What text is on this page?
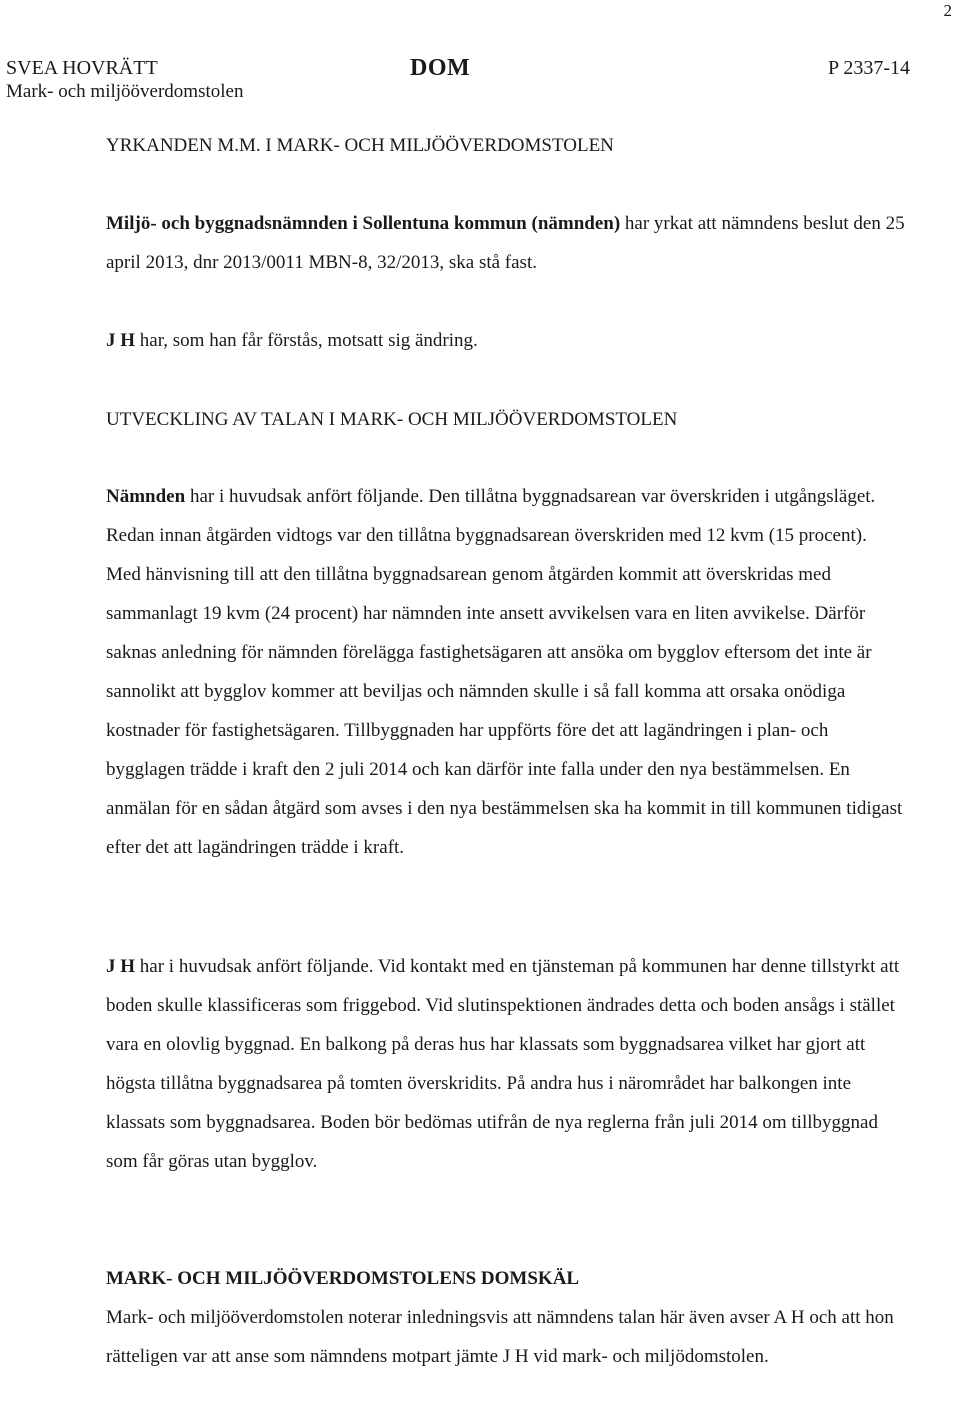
2
SVEA HOVRÄTT
Mark- och miljööverdomstolen
DOM	P 2337-14
YRKANDEN M.M. I MARK- OCH MILJÖÖVERDOMSTOLEN

Miljö- och byggnadsnämnden i Sollentuna kommun (nämnden) har yrkat att nämndens beslut den 25 april 2013, dnr 2013/0011 MBN-8, 32/2013, ska stå fast.

J H har, som han får förstås, motsatt sig ändring.

UTVECKLING AV TALAN I MARK- OCH MILJÖÖVERDOMSTOLEN

Nämnden har i huvudsak anfört följande. Den tillåtna byggnadsarean var överskriden i utgångsläget. Redan innan åtgärden vidtogs var den tillåtna byggnadsarean överskriden med 12 kvm (15 procent). Med hänvisning till att den tillåtna byggnadsarean genom åtgärden kommit att överskridas med sammanlagt 19 kvm (24 procent) har nämnden inte ansett avvikelsen vara en liten avvikelse. Därför saknas anledning för nämnden förelägga fastighetsägaren att ansöka om bygglov eftersom det inte är sannolikt att bygglov kommer att beviljas och nämnden skulle i så fall komma att orsaka onödiga kostnader för fastighetsägaren. Tillbyggnaden har uppförts före det att lagändringen i plan- och bygglagen trädde i kraft den 2 juli 2014 och kan därför inte falla under den nya bestämmelsen. En anmälan för en sådan åtgärd som avses i den nya bestämmelsen ska ha kommit in till kommunen tidigast efter det att lagändringen trädde i kraft.

J H har i huvudsak anfört följande. Vid kontakt med en tjänsteman på kommunen har denne tillstyrkt att boden skulle klassificeras som friggebod. Vid slutinspektionen ändrades detta och boden ansågs i stället vara en olovlig byggnad. En balkong på deras hus har klassats som byggnadsarea vilket har gjort att högsta tillåtna byggnadsarea på tomten överskridits. På andra hus i närområdet har balkongen inte klassats som byggnadsarea. Boden bör bedömas utifrån de nya reglerna från juli 2014 om tillbyggnad som får göras utan bygglov.

MARK- OCH MILJÖÖVERDOMSTOLENS DOMSKÄL

Mark- och miljööverdomstolen noterar inledningsvis att nämndens talan här även avser A H och att hon rätteligen var att anse som nämndens motpart jämte J H vid mark- och miljödomstolen.
